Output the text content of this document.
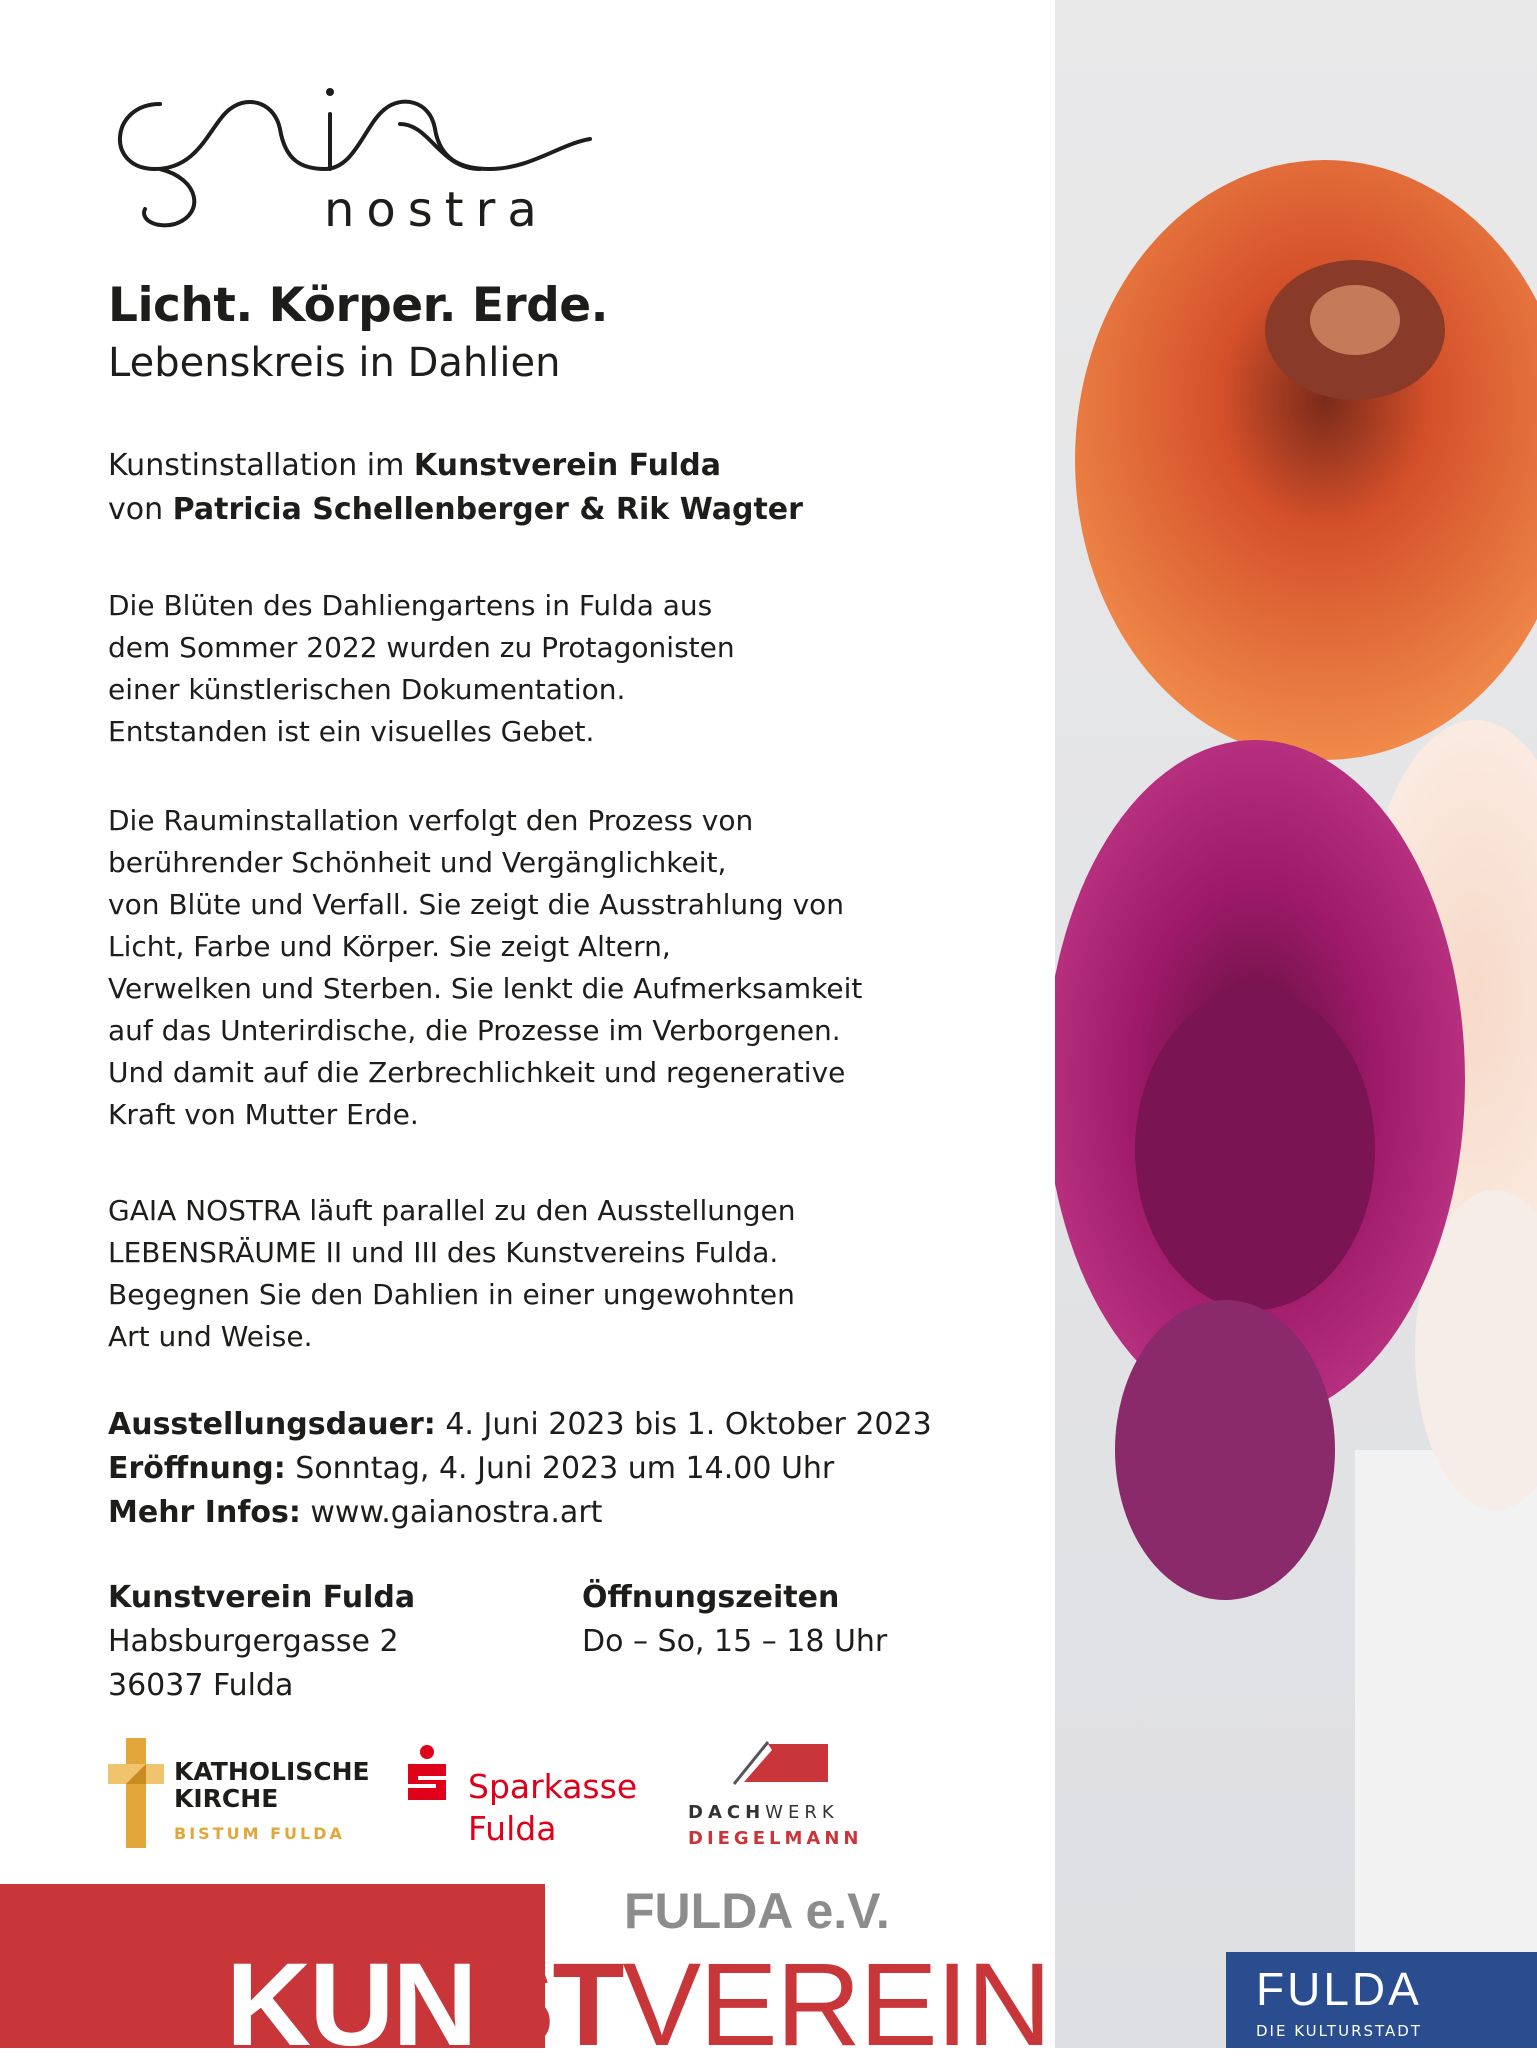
nostra
Licht. Körper. Erde.
Lebenskreis in Dahlien
Kunstinstallation im Kunstverein Fulda
von Patricia Schellenberger & Rik Wagter
Die Blüten des Dahliengartens in Fulda aus
dem Sommer 2022 wurden zu Protagonisten
einer künstlerischen Dokumentation.
Entstanden ist ein visuelles Gebet.
Die Rauminstallation verfolgt den Prozess von
berührender Schönheit und Vergänglichkeit,
von Blüte und Verfall. Sie zeigt die Ausstrahlung von
Licht, Farbe und Körper. Sie zeigt Altern,
Verwelken und Sterben. Sie lenkt die Aufmerksamkeit
auf das Unterirdische, die Prozesse im Verborgenen.
Und damit auf die Zerbrechlichkeit und regenerative
Kraft von Mutter Erde.
GAIA NOSTRA läuft parallel zu den Ausstellungen
LEBENSRÄUME II und III des Kunstvereins Fulda.
Begegnen Sie den Dahlien in einer ungewohnten
Art und Weise.
Ausstellungsdauer: 4. Juni 2023 bis 1. Oktober 2023
Eröffnung: Sonntag, 4. Juni 2023 um 14.00 Uhr
Mehr Infos: www.gaianostra.art
Kunstverein Fulda
Habsburgergasse 2
36037 Fulda
Öffnungszeiten
Do – So, 15 – 18 Uhr
KATHOLISCHE
KIRCHE
BISTUM FULDA
Sparkasse
Fulda	DACHWERK
DIEGELMANN
FULDA e.V.
KUNSTVEREIN	FULDA
DIE KULTURSTADT
